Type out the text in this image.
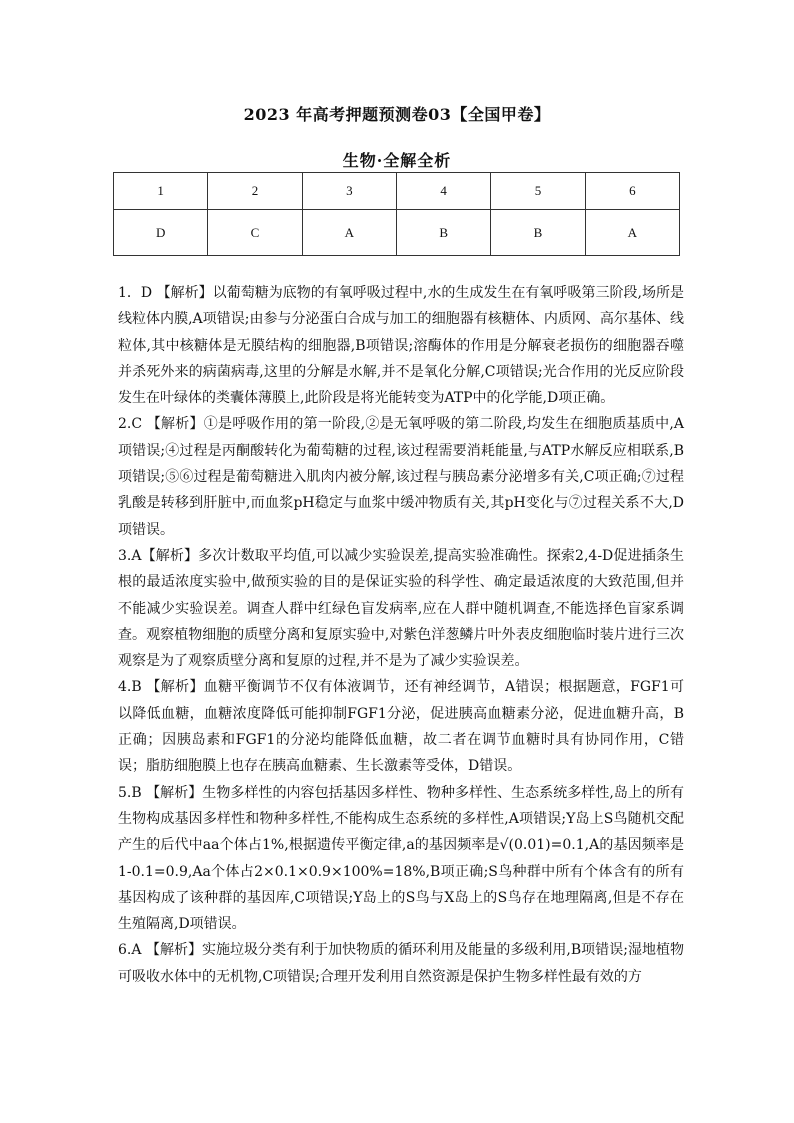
2023 年高考押题预测卷03【全国甲卷】
生物·全解全析
1	2	3	4	5	6
D	C	A	B	B	A

1．D 【解析】以葡萄糖为底物的有氧呼吸过程中,水的生成发生在有氧呼吸第三阶段,场所是线粒体内膜,A项错误;由参与分泌蛋白合成与加工的细胞器有核糖体、内质网、高尔基体、线粒体,其中核糖体是无膜结构的细胞器,B项错误;溶酶体的作用是分解衰老损伤的细胞器吞噬并杀死外来的病菌病毒,这里的分解是水解,并不是氧化分解,C项错误;光合作用的光反应阶段发生在叶绿体的类囊体薄膜上,此阶段是将光能转变为ATP中的化学能,D项正确。

2.C 【解析】①是呼吸作用的第一阶段,②是无氧呼吸的第二阶段,均发生在细胞质基质中,A项错误;④过程是丙酮酸转化为葡萄糖的过程,该过程需要消耗能量,与ATP水解反应相联系,B项错误;⑤⑥过程是葡萄糖进入肌肉内被分解,该过程与胰岛素分泌增多有关,C项正确;⑦过程乳酸是转移到肝脏中,而血浆pH稳定与血浆中缓冲物质有关,其pH变化与⑦过程关系不大,D项错误。

3.A【解析】多次计数取平均值,可以减少实验误差,提高实验准确性。探索2,4-D促进插条生根的最适浓度实验中,做预实验的目的是保证实验的科学性、确定最适浓度的大致范围,但并不能减少实验误差。调查人群中红绿色盲发病率,应在人群中随机调查,不能选择色盲家系调查。观察植物细胞的质壁分离和复原实验中,对紫色洋葱鳞片叶外表皮细胞临时装片进行三次观察是为了观察质壁分离和复原的过程,并不是为了减少实验误差。

4.B 【解析】血糖平衡调节不仅有体液调节，还有神经调节，A错误；根据题意，FGF1可以降低血糖，血糖浓度降低可能抑制FGF1分泌，促进胰高血糖素分泌，促进血糖升高，B正确；因胰岛素和FGF1的分泌均能降低血糖，故二者在调节血糖时具有协同作用，C错误；脂肪细胞膜上也存在胰高血糖素、生长激素等受体，D错误。

5.B 【解析】生物多样性的内容包括基因多样性、物种多样性、生态系统多样性,岛上的所有生物构成基因多样性和物种多样性,不能构成生态系统的多样性,A项错误;Y岛上S鸟随机交配产生的后代中aa个体占1%,根据遗传平衡定律,a的基因频率是√(0.01)=0.1,A的基因频率是1-0.1=0.9,Aa个体占2×0.1×0.9×100%=18%,B项正确;S鸟种群中所有个体含有的所有基因构成了该种群的基因库,C项错误;Y岛上的S鸟与X岛上的S鸟存在地理隔离,但是不存在生殖隔离,D项错误。

6.A 【解析】实施垃圾分类有利于加快物质的循环利用及能量的多级利用,B项错误;湿地植物可吸收水体中的无机物,C项错误;合理开发利用自然资源是保护生物多样性最有效的方
